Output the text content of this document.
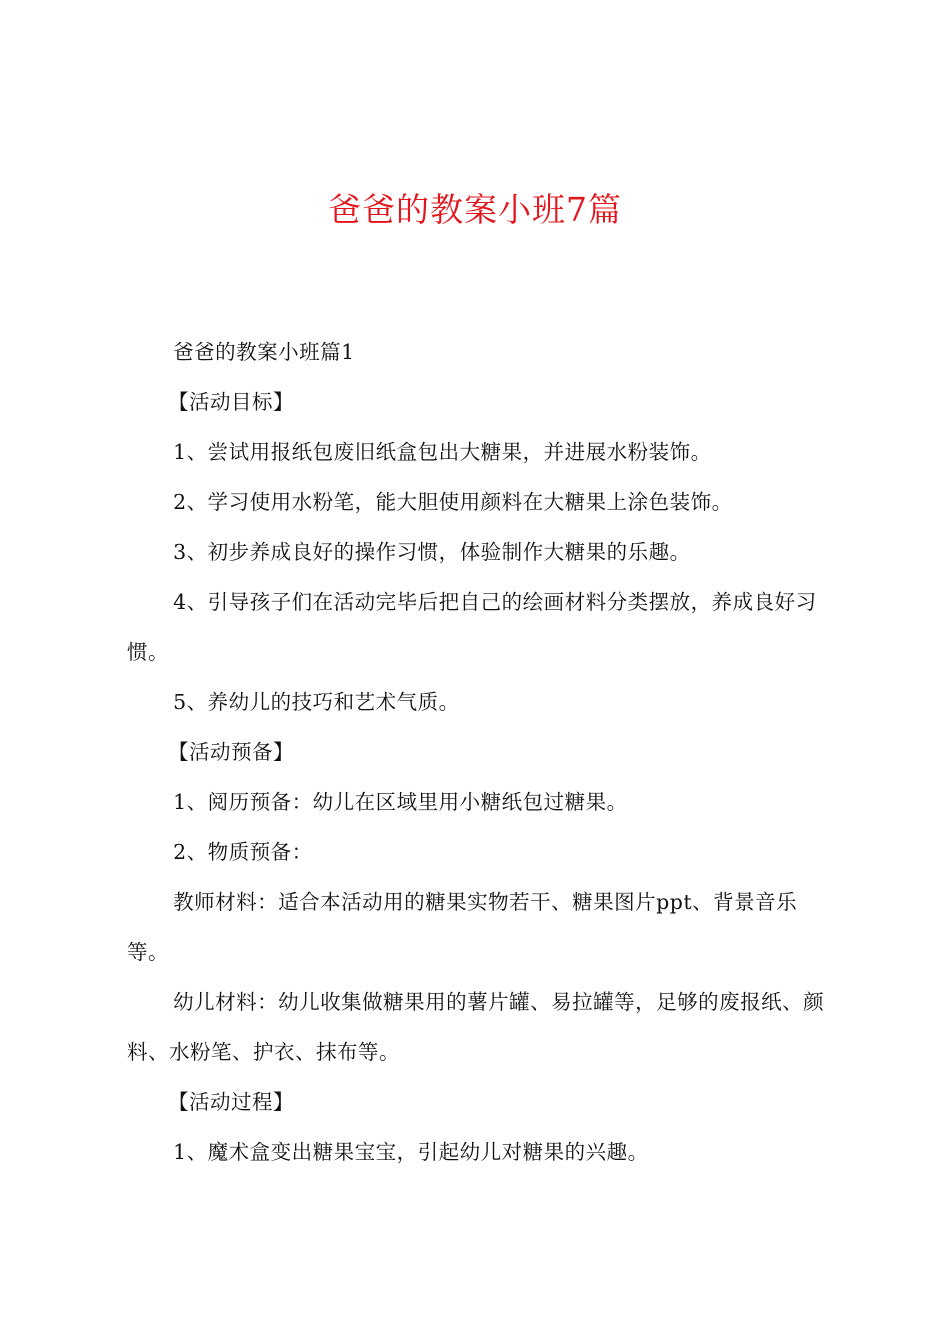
爸爸的教案小班7篇

爸爸的教案小班篇1

【活动目标】

1、尝试用报纸包废旧纸盒包出大糖果，并进展水粉装饰。

2、学习使用水粉笔，能大胆使用颜料在大糖果上涂色装饰。

3、初步养成良好的操作习惯，体验制作大糖果的乐趣。

4、引导孩子们在活动完毕后把自己的绘画材料分类摆放，养成良好习惯。

5、养幼儿的技巧和艺术气质。

【活动预备】

1、阅历预备：幼儿在区域里用小糖纸包过糖果。

2、物质预备：

教师材料：适合本活动用的糖果实物若干、糖果图片ppt、背景音乐等。

幼儿材料：幼儿收集做糖果用的薯片罐、易拉罐等，足够的废报纸、颜料、水粉笔、护衣、抹布等。

【活动过程】

1、魔术盒变出糖果宝宝，引起幼儿对糖果的兴趣。
